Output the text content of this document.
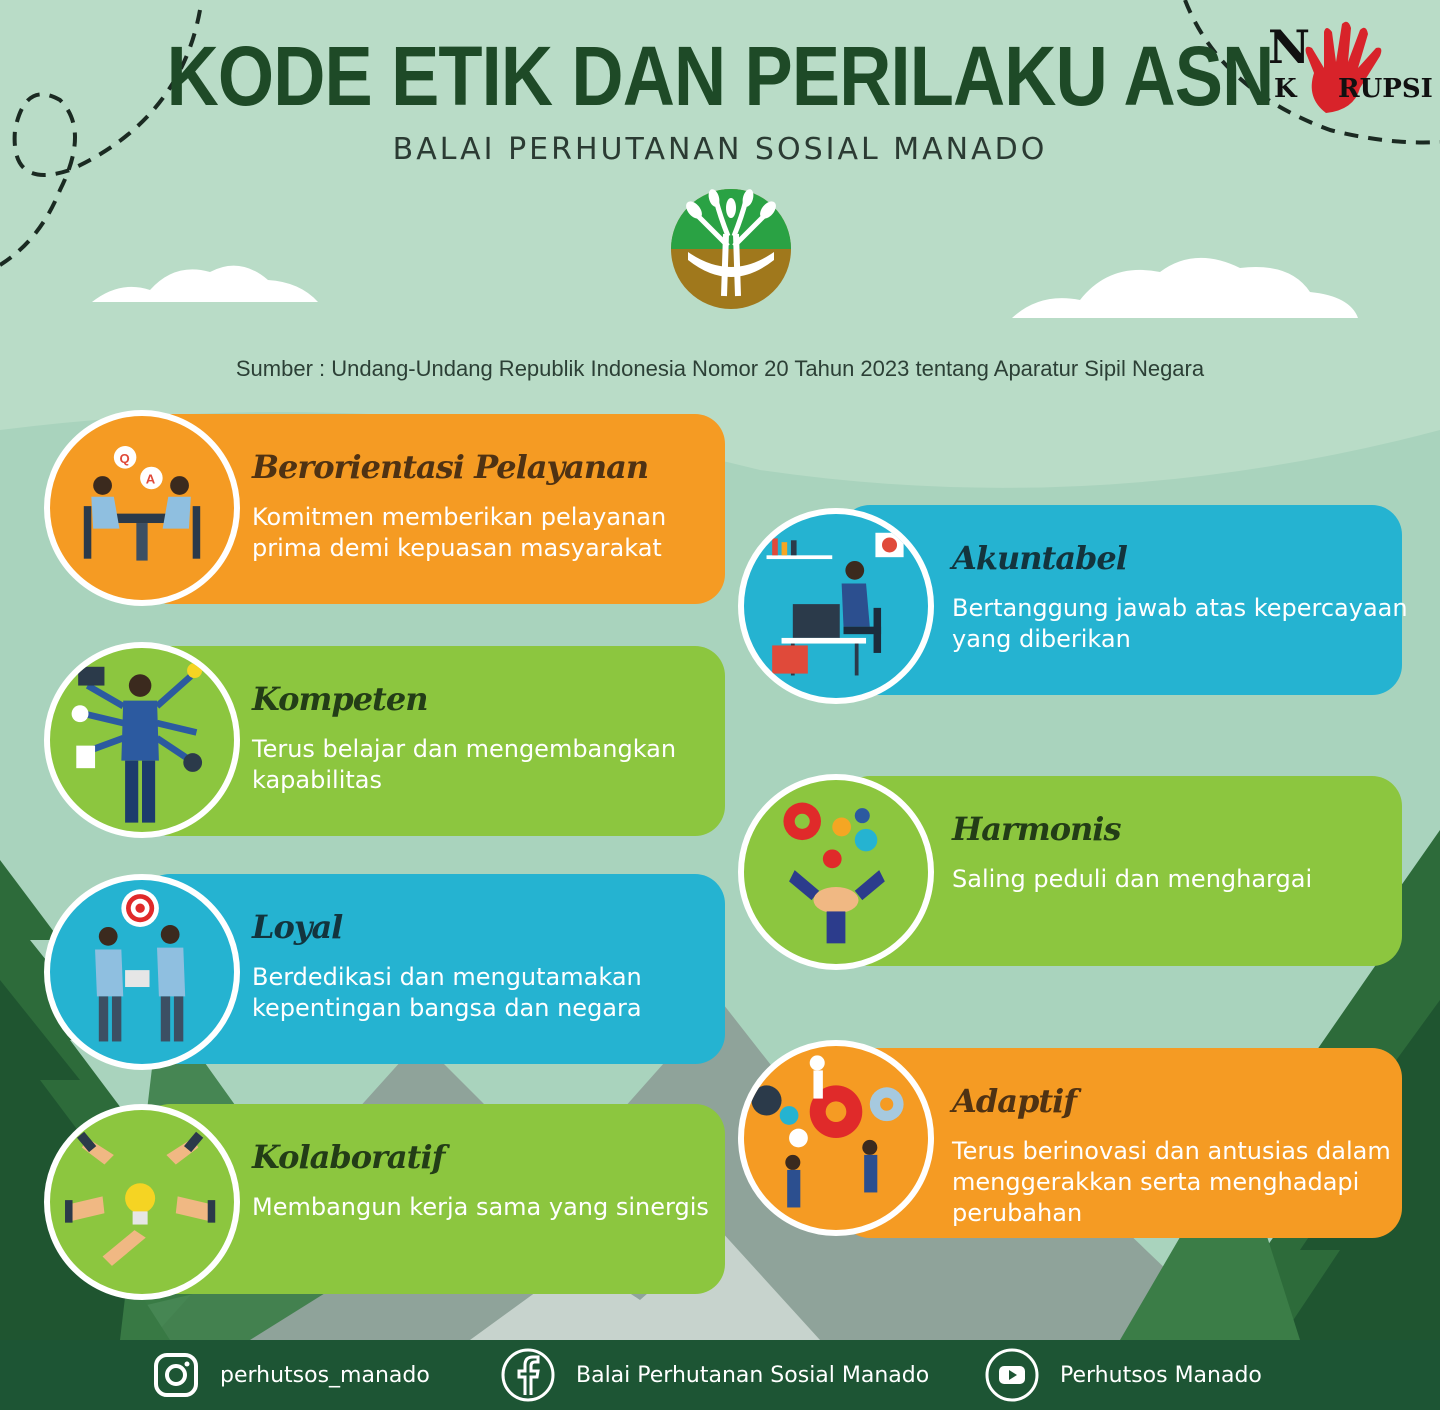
KODE ETIK DAN PERILAKU ASN
BALAI PERHUTANAN SOSIAL MANADO
N
K RUPSI
Sumber : Undang-Undang Republik Indonesia Nomor 20 Tahun 2023 tentang Aparatur Sipil Negara
Berorientasi Pelayanan
Komitmen memberikan pelayanan prima demi kepuasan masyarakat
Q
A
Akuntabel
Bertanggung jawab atas kepercayaan yang diberikan
Kompeten
Terus belajar dan mengembangkan kapabilitas
Harmonis
Saling peduli dan menghargai
Loyal
Berdedikasi dan mengutamakan kepentingan bangsa dan negara
Adaptif
Terus berinovasi dan antusias dalam menggerakkan serta menghadapi perubahan
Kolaboratif
Membangun kerja sama yang sinergis
perhutsos_manado	Balai Perhutanan Sosial Manado	Perhutsos Manado
